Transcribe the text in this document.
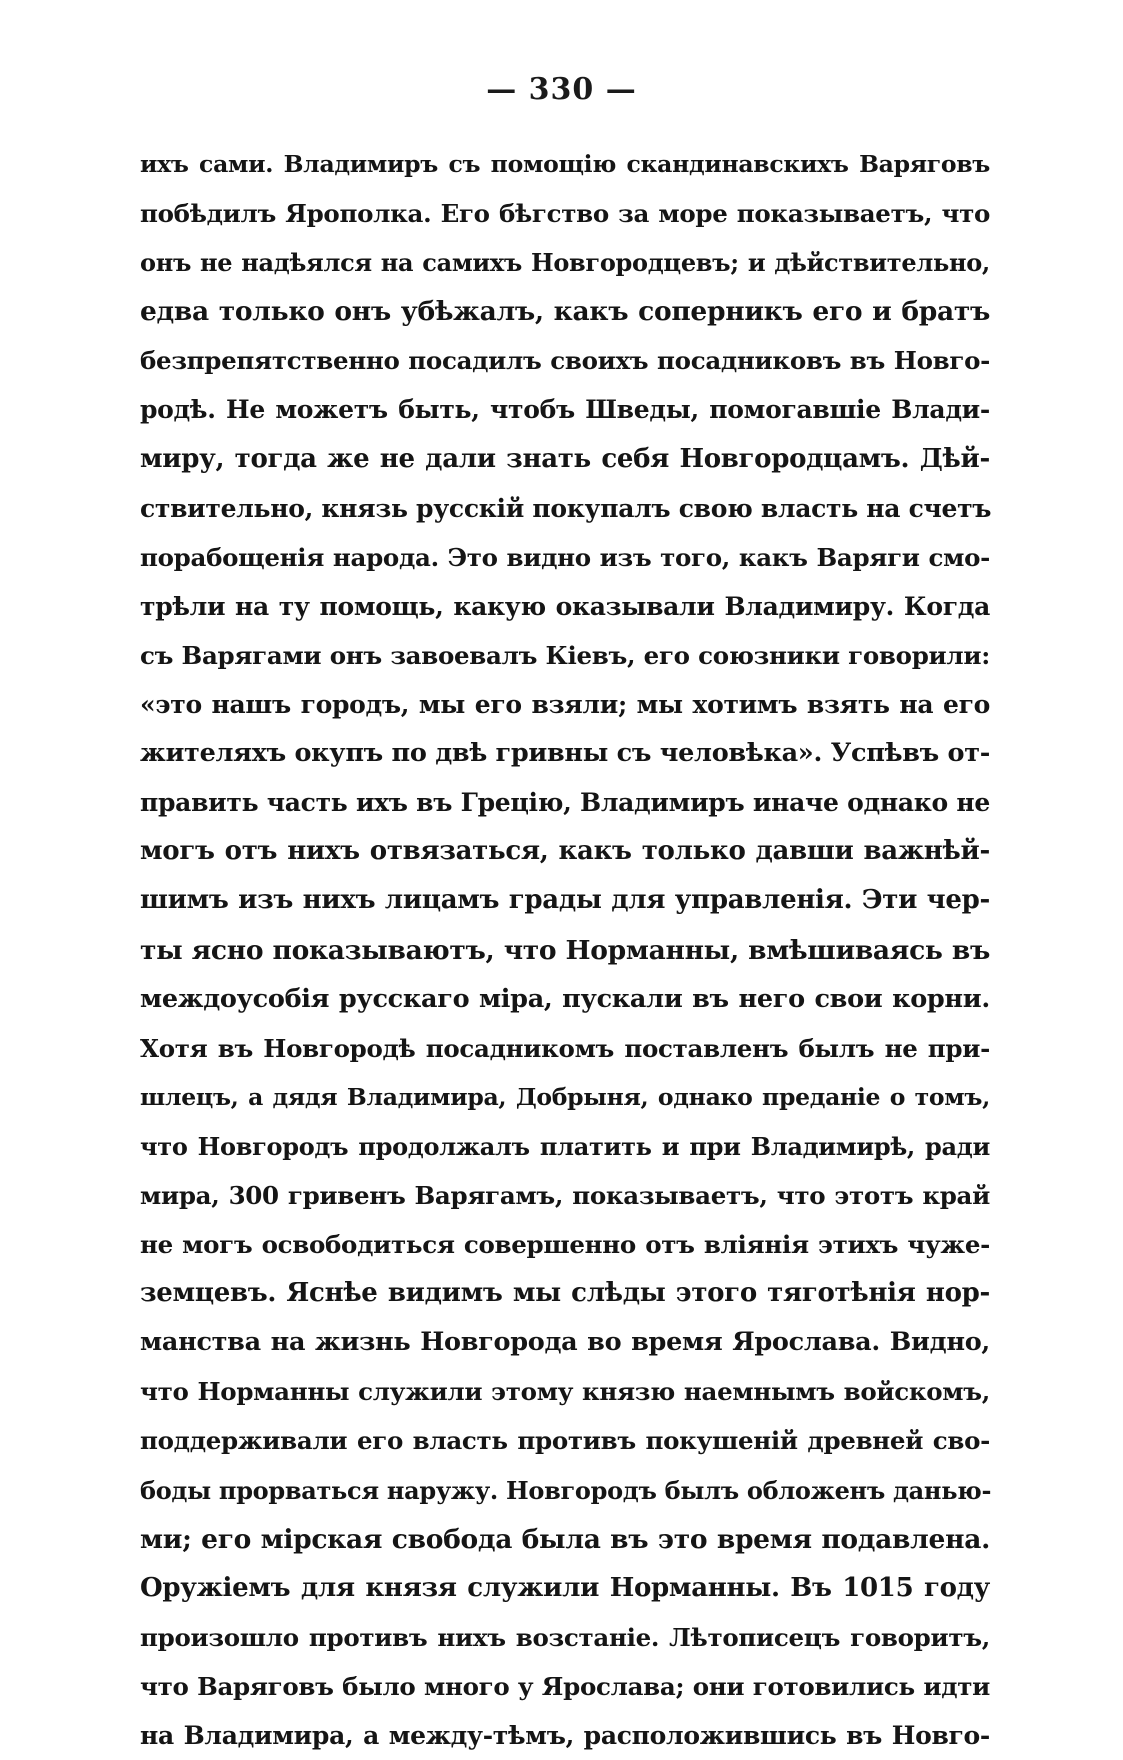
— 330 —
ихъ сами. Владимиръ съ помощію скандинавскихъ Варяговъ
побѣдилъ Ярополка. Его бѣгство за море показываетъ, что
онъ не надѣялся на самихъ Новгородцевъ; и дѣйствительно,
едва только онъ убѣжалъ, какъ соперникъ его и братъ
безпрепятственно посадилъ своихъ посадниковъ въ Новго-
родѣ. Не можетъ быть, чтобъ Шведы, помогавшіе Влади-
миру, тогда же не дали знать себя Новгородцамъ. Дѣй-
ствительно, князь русскій покупалъ свою власть на счетъ
порабощенія народа. Это видно изъ того, какъ Варяги смо-
трѣли на ту помощь, какую оказывали Владимиру. Когда
съ Варягами онъ завоевалъ Кіевъ, его союзники говорили:
«это нашъ городъ, мы его взяли; мы хотимъ взять на его
жителяхъ окупъ по двѣ гривны съ человѣка». Успѣвъ от-
править часть ихъ въ Грецію, Владимиръ иначе однако не
могъ отъ нихъ отвязаться, какъ только давши важнѣй-
шимъ изъ нихъ лицамъ грады для управленія. Эти чер-
ты ясно показываютъ, что Норманны, вмѣшиваясь въ
междоусобія русскаго міра, пускали въ него свои корни.
Хотя въ Новгородѣ посадникомъ поставленъ былъ не при-
шлецъ, а дядя Владимира, Добрыня, однако преданіе о томъ,
что Новгородъ продолжалъ платить и при Владимирѣ, ради
мира, 300 гривенъ Варягамъ, показываетъ, что этотъ край
не могъ освободиться совершенно отъ вліянія этихъ чуже-
земцевъ. Яснѣе видимъ мы слѣды этого тяготѣнія нор-
манства на жизнь Новгорода во время Ярослава. Видно,
что Норманны служили этому князю наемнымъ войскомъ,
поддерживали его власть противъ покушеній древней сво-
боды прорваться наружу. Новгородъ былъ обложенъ данью-
ми; его мірская свобода была въ это время подавлена.
Оружіемъ для князя служили Норманны. Въ 1015 году
произошло противъ нихъ возстаніе. Лѣтописецъ говоритъ,
что Варяговъ было много у Ярослава; они готовились идти
на Владимира, а между-тѣмъ, расположившись въ Новго-
